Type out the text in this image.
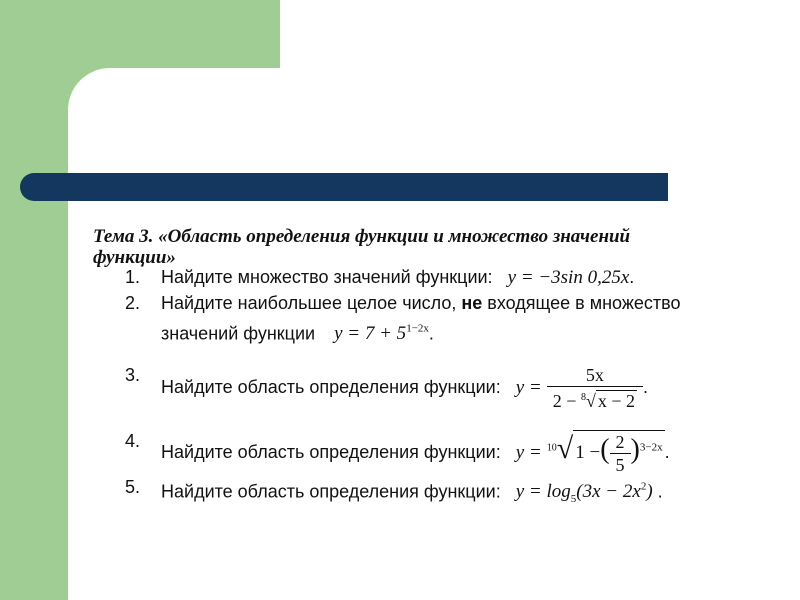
Тема 3. «Область определения функции и множество значений
функции»

1. Найдите множество значений функции: y = −3sin 0,25x.
2. Найдите наибольшее целое число, не входящее в множество
значений функции $y = 7 + 5^{1-2x}$.
3.
Найдите область определения функции: $y = \frac{5x}{2 - ^8√ x - 2}$ .
4.
Найдите область определения функции: y = $^{10}$√ 1 −( $\frac{2}{5} )^{3-2x}$ .
5. Найдите область определения функции: $y = \log_5(3x - 2x^2)$ .
